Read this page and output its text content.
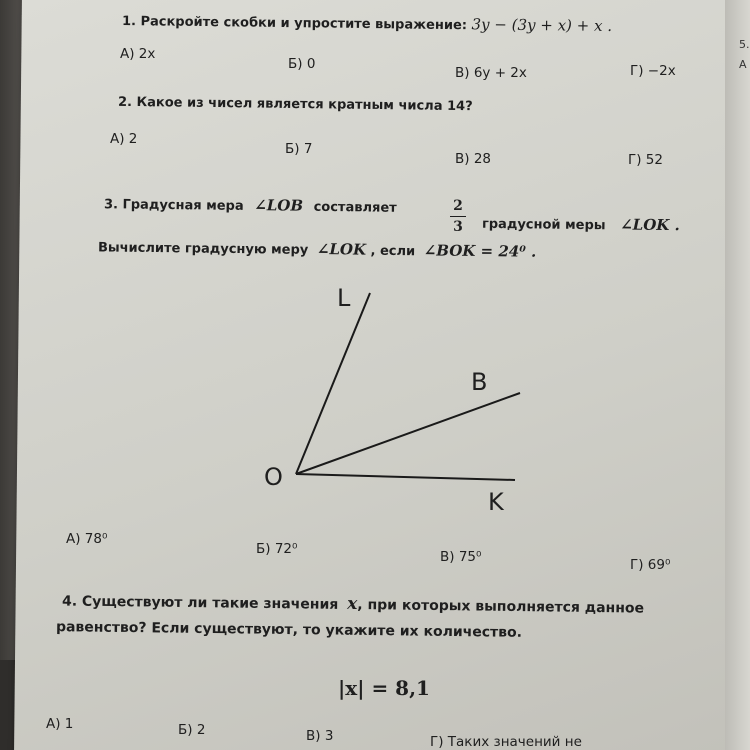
5.
A
1. Раскройте скобки и упростите выражение: 3y − (3y + x) + x .
А) 2x
Б) 0
В) 6y + 2x	Г) −2x
2. Какое из чисел является кратным числа 14?
А) 2
Б) 7
В) 28	Г) 52
3. Градусная мера ∠LOB составляет	2
3 градусной меры ∠LOK .
Вычислите градусную меру ∠LOK , если ∠BOK = 24⁰ .
L
B
O
K
А) 78⁰
Б) 72⁰	В) 75⁰	Г) 69⁰
4. Существуют ли такие значения x, при которых выполняется данное
равенство? Если существуют, то укажите их количество.
|x| = 8,1
А) 1	Б) 2	В) 3	Г) Таких значений не
